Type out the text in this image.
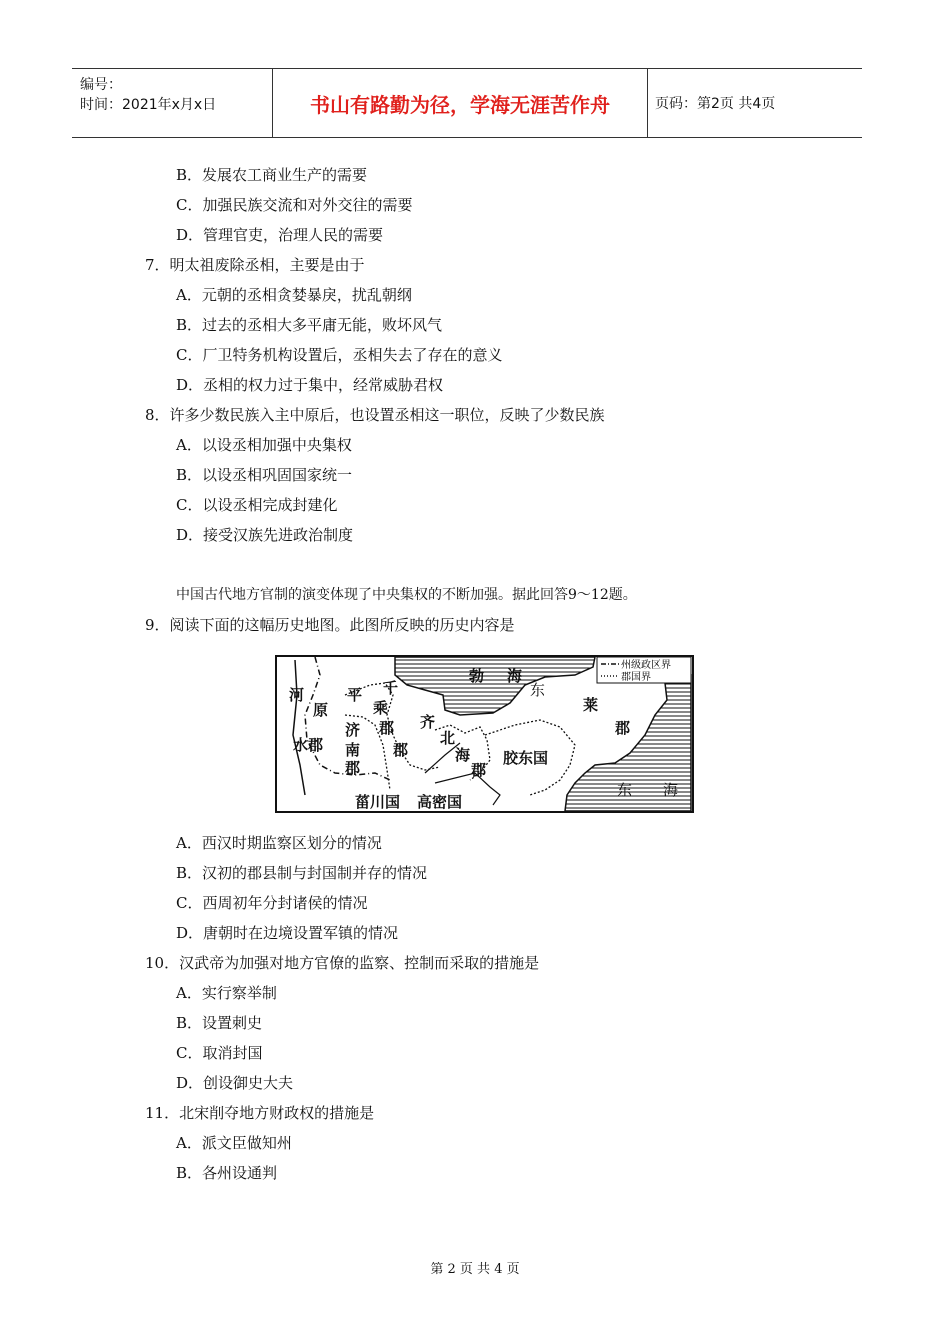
编号：
时间：2021年x月x日	书山有路勤为径，学海无涯苦作舟	页码：第2页 共4页
B．发展农工商业生产的需要
C．加强民族交流和对外交往的需要
D．管理官吏，治理人民的需要
7．明太祖废除丞相，主要是由于
A．元朝的丞相贪婪暴戾，扰乱朝纲
B．过去的丞相大多平庸无能，败坏风气
C．厂卫特务机构设置后，丞相失去了存在的意义
D．丞相的权力过于集中，经常威胁君权
8．许多少数民族入主中原后，也设置丞相这一职位，反映了少数民族
A．以设丞相加强中央集权
B．以设丞相巩固国家统一
C．以设丞相完成封建化
D．接受汉族先进政治制度
中国古代地方官制的演变体现了中央集权的不断加强。据此回答9～12题。
9．阅读下面的这幅历史地图。此图所反映的历史内容是
州级政区界
郡国界
勃 海
河
原
平
水郡
千
乘
郡
济
南
郡
齐
郡
北
海
郡
胶东国
东
莱
郡
菑川国 高密国
东 海
A．西汉时期监察区划分的情况
B．汉初的郡县制与封国制并存的情况
C．西周初年分封诸侯的情况
D．唐朝时在边境设置军镇的情况
10．汉武帝为加强对地方官僚的监察、控制而采取的措施是
A．实行察举制
B．设置刺史
C．取消封国
D．创设御史大夫
11．北宋削夺地方财政权的措施是
A．派文臣做知州
B．各州设通判
第 2 页 共 4 页
